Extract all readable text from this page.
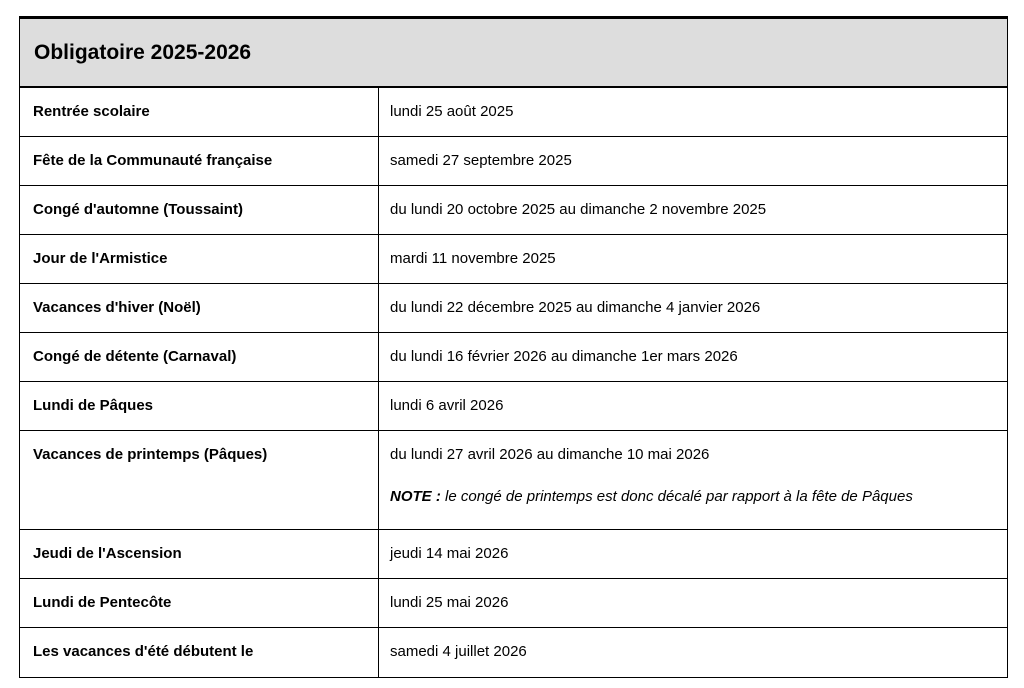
Obligatoire 2025-2026
Rentrée scolaire	lundi 25 août 2025
Fête de la Communauté française	samedi 27 septembre 2025
Congé d'automne (Toussaint)	du lundi 20 octobre 2025 au dimanche 2 novembre 2025
Jour de l'Armistice	mardi 11 novembre 2025
Vacances d'hiver (Noël)	du lundi 22 décembre 2025 au dimanche 4 janvier 2026
Congé de détente (Carnaval)	du lundi 16 février 2026 au dimanche 1er mars 2026
Lundi de Pâques	lundi 6 avril 2026
Vacances de printemps (Pâques)	du lundi 27 avril 2026 au dimanche 10 mai 2026
NOTE : le congé de printemps est donc décalé par rapport à la fête de Pâques
Jeudi de l'Ascension	jeudi 14 mai 2026
Lundi de Pentecôte	lundi 25 mai 2026
Les vacances d'été débutent le	samedi 4 juillet 2026
